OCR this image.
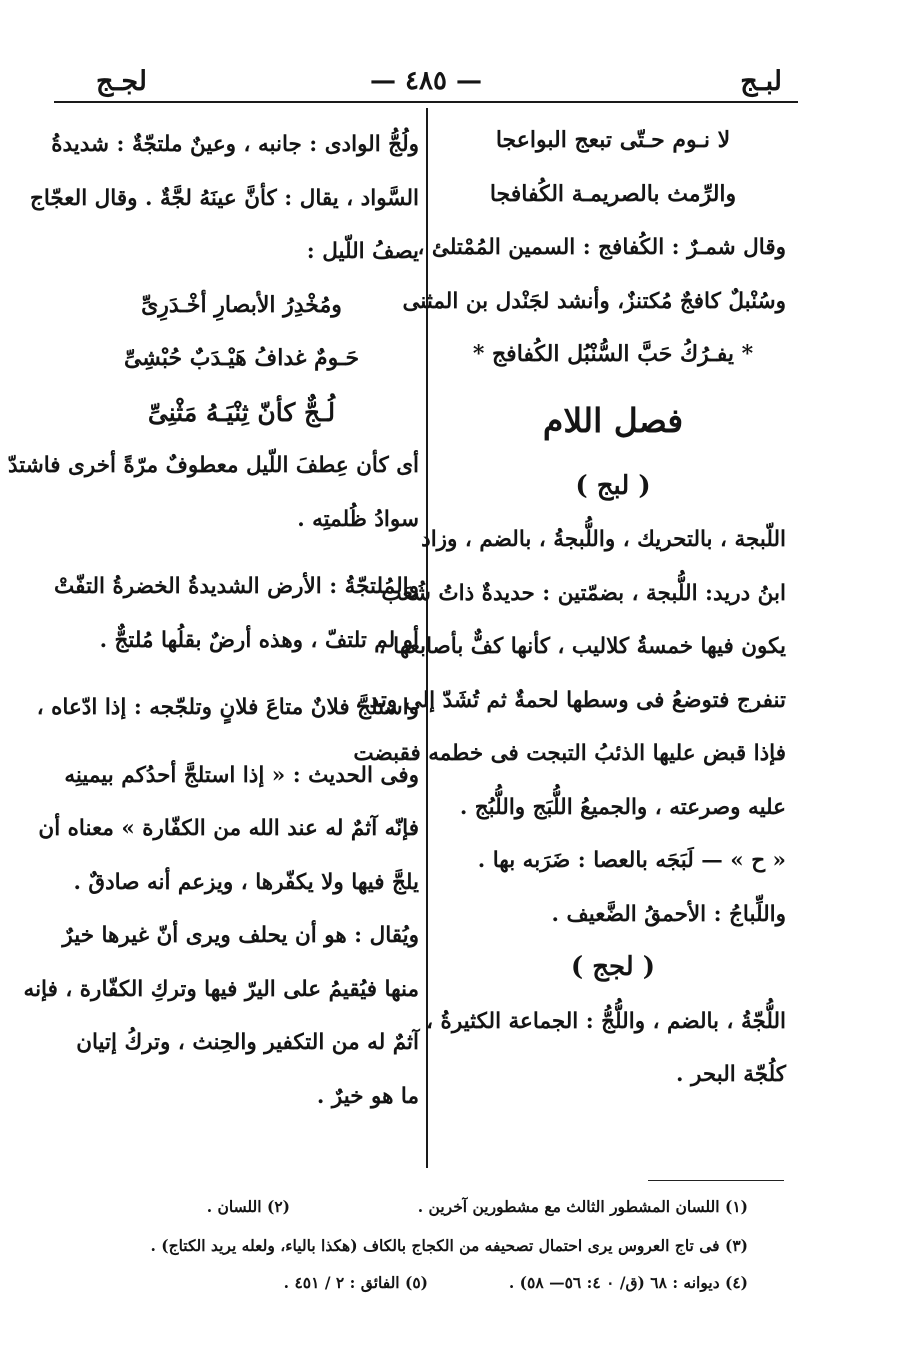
لبـج
— ٤٨٥ —
لجـج
لا نـوم حـتّى تبعج البواعجا
والرِّمث بالصريمـة الكُفافجا
وقال شمـرٌ : الكُفافج : السمين المُمْتلئ ،
وسُنْبلٌ كافجٌ مُكتنزٌ، وأنشد لجَنْدل بن المثنى
* يفـرُكُ حَبَّ السُّنْبُل الكُفافج *
فصل اللام
( لبج )
اللّبجة ، بالتحريك ، واللُّبجةُ ، بالضم ، وزاد
ابنُ دريد: اللُّبجة ، بضمّتين : حديدةٌ ذاتُ شُعَب
يكون فيها خمسةُ كلاليب ، كأنها كفٌّ بأصابعها ،
تنفرج فتوضعُ فى وسطها لحمةٌ ثم تُشَدّ إلى وتد ،
فإذا قبض عليها الذئبُ التبجت فى خطمه فقبضت
عليه وصرعته ، والجميعُ اللُّبَج واللُّبُج .
« ح » — لَبَجَه بالعصا : ضَرَبه بها .
واللِّباجُ : الأحمقُ الضَّعيف .
( لجج )
اللُّجّةُ ، بالضم ، واللُّجُّ : الجماعة الكثيرةُ ،
كلُجّة البحر .
ولُجُّ الوادى : جانبه ، وعينٌ ملتجّةٌ : شديدةُ
السَّواد ، يقال : كأنَّ عينَهُ لجَّةٌ . وقال العجّاج
يصفُ اللّيل :
ومُخْدِرُ الأبصارِ أخْـدَرِىِّ
حَـومٌ غدافُ هَيْـدَبٌ حُبْشِىِّ
لُـجٌّ كأنّ ثِنْيَـهُ مَثْنِىِّ
أى كأن عِطفَ اللّيل معطوفٌ مرّةً أخرى فاشتدّ
سوادُ ظُلمتِه .
والمُلتجّةُ : الأرض الشديدةُ الخضرةُ التفّتْ
أو لم تلتفّ ، وهذه أرضٌ بقلُها مُلتجٌّ .
واستلجَّ فلانٌ متاعَ فلانٍ وتلجّجه : إذا ادّعاه ،
وفى الحديث : « إذا استلجَّ أحدُكم بيمينِه
فإنّه آثمٌ له عند الله من الكفّارة » معناه أن
يلجَّ فيها ولا يكفّرها ، ويزعم أنه صادقٌ .
ويُقال : هو أن يحلف ويرى أنّ غيرها خيرٌ
منها فيُقيمُ على اليرّ فيها وتركِ الكفّارة ، فإنه
آثمٌ له من التكفير والحِنث ، وتركُ إتيان
ما هو خيرٌ .
(١) اللسان المشطور الثالث مع مشطورين آخرين .
(٢) اللسان .
(٣) فى تاج العروس يرى احتمال تصحيفه من الكجاج بالكاف (هكذا بالياء، ولعله يريد الكتاج) .
(٤) ديوانه : ٦٨ (ق/ ٠ ٤: ٥٦— ٥٨) .
(٥) الفائق : ٢ / ٤٥١ .
